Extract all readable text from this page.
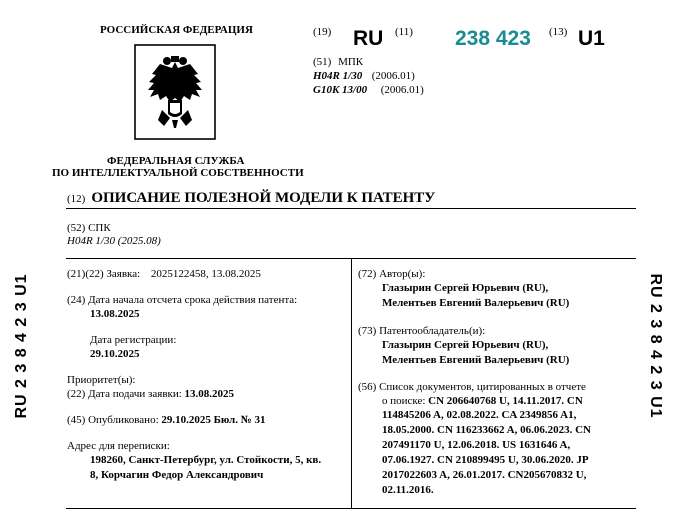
РОССИЙСКАЯ ФЕДЕРАЦИЯ
ФЕДЕРАЛЬНАЯ СЛУЖБА
ПО ИНТЕЛЛЕКТУАЛЬНОЙ СОБСТВЕННОСТИ
(19) RU (11) 238 423 (13) U1
(51) МПК
H04R 1/30 (2006.01)
G10K 13/00 (2006.01)
(12) ОПИСАНИЕ ПОЛЕЗНОЙ МОДЕЛИ К ПАТЕНТУ
(52) СПК
H04R 1/30 (2025.08)
(21)(22) Заявка: 2025122458, 13.08.2025
(24) Дата начала отсчета срока действия патента:
13.08.2025
Дата регистрации:
29.10.2025
Приоритет(ы):
(22) Дата подачи заявки: 13.08.2025
(45) Опубликовано: 29.10.2025 Бюл. № 31
Адрес для переписки:
198260, Санкт-Петербург, ул. Стойкости, 5, кв.
8, Корчагин Федор Александрович
(72) Автор(ы):
Глазырин Сергей Юрьевич (RU),
Мелентьев Евгений Валерьевич (RU)
(73) Патентообладатель(и):
Глазырин Сергей Юрьевич (RU),
Мелентьев Евгений Валерьевич (RU)
(56) Список документов, цитированных в отчете
о поиске: CN 206640768 U, 14.11.2017. CN
114845206 A, 02.08.2022. CA 2349856 A1,
18.05.2000. CN 116233662 A, 06.06.2023. CN
207491170 U, 12.06.2018. US 1631646 A,
07.06.1927. CN 210899495 U, 30.06.2020. JP
2017022603 A, 26.01.2017. CN205670832 U,
02.11.2016.
RU 2 3 8 4 2 3 U1	RU 2 3 8 4 2 3 U1
